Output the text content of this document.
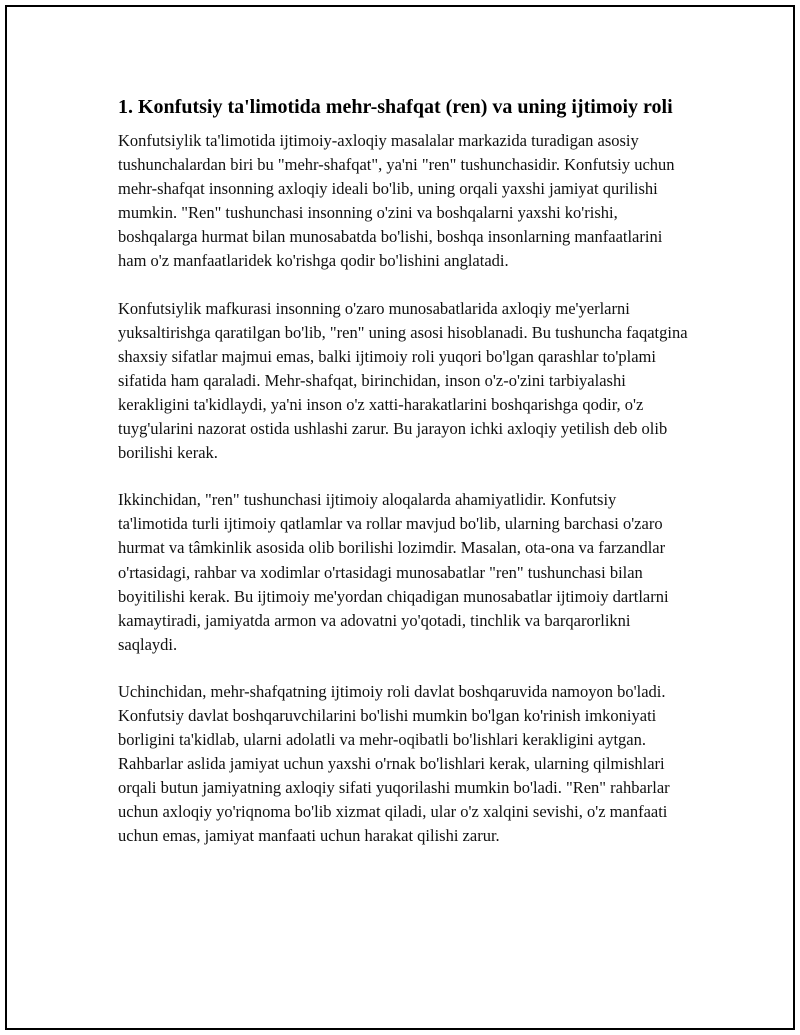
1. Konfutsiy ta'limotida mehr-shafqat (ren) va uning ijtimoiy roli

Konfutsiylik ta'limotida ijtimoiy-axloqiy masalalar markazida turadigan asosiy tushunchalardan biri bu "mehr-shafqat", ya'ni "ren" tushunchasidir. Konfutsiy uchun mehr-shafqat insonning axloqiy ideali bo'lib, uning orqali yaxshi jamiyat qurilishi mumkin. "Ren" tushunchasi insonning o'zini va boshqalarni yaxshi ko'rishi, boshqalarga hurmat bilan munosabatda bo'lishi, boshqa insonlarning manfaatlarini ham o'z manfaatlaridek ko'rishga qodir bo'lishini anglatadi.

Konfutsiylik mafkurasi insonning o'zaro munosabatlarida axloqiy me'yerlarni yuksaltirishga qaratilgan bo'lib, "ren" uning asosi hisoblanadi. Bu tushuncha faqatgina shaxsiy sifatlar majmui emas, balki ijtimoiy roli yuqori bo'lgan qarashlar to'plami sifatida ham qaraladi. Mehr-shafqat, birinchidan, inson o'z-o'zini tarbiyalashi kerakligini ta'kidlaydi, ya'ni inson o'z xatti-harakatlarini boshqarishga qodir, o'z tuyg'ularini nazorat ostida ushlashi zarur. Bu jarayon ichki axloqiy yetilish deb olib borilishi kerak.

Ikkinchidan, "ren" tushunchasi ijtimoiy aloqalarda ahamiyatlidir. Konfutsiy ta'limotida turli ijtimoiy qatlamlar va rollar mavjud bo'lib, ularning barchasi o'zaro hurmat va tâmkinlik asosida olib borilishi lozimdir. Masalan, ota-ona va farzandlar o'rtasidagi, rahbar va xodimlar o'rtasidagi munosabatlar "ren" tushunchasi bilan boyitilishi kerak. Bu ijtimoiy me'yordan chiqadigan munosabatlar ijtimoiy dartlarni kamaytiradi, jamiyatda armon va adovatni yo'qotadi, tinchlik va barqarorlikni saqlaydi.

Uchinchidan, mehr-shafqatning ijtimoiy roli davlat boshqaruvida namoyon bo'ladi. Konfutsiy davlat boshqaruvchilarini bo'lishi mumkin bo'lgan ko'rinish imkoniyati borligini ta'kidlab, ularni adolatli va mehr-oqibatli bo'lishlari kerakligini aytgan. Rahbarlar aslida jamiyat uchun yaxshi o'rnak bo'lishlari kerak, ularning qilmishlari orqali butun jamiyatning axloqiy sifati yuqorilashi mumkin bo'ladi. "Ren" rahbarlar uchun axloqiy yo'riqnoma bo'lib xizmat qiladi, ular o'z xalqini sevishi, o'z manfaati uchun emas, jamiyat manfaati uchun harakat qilishi zarur.
